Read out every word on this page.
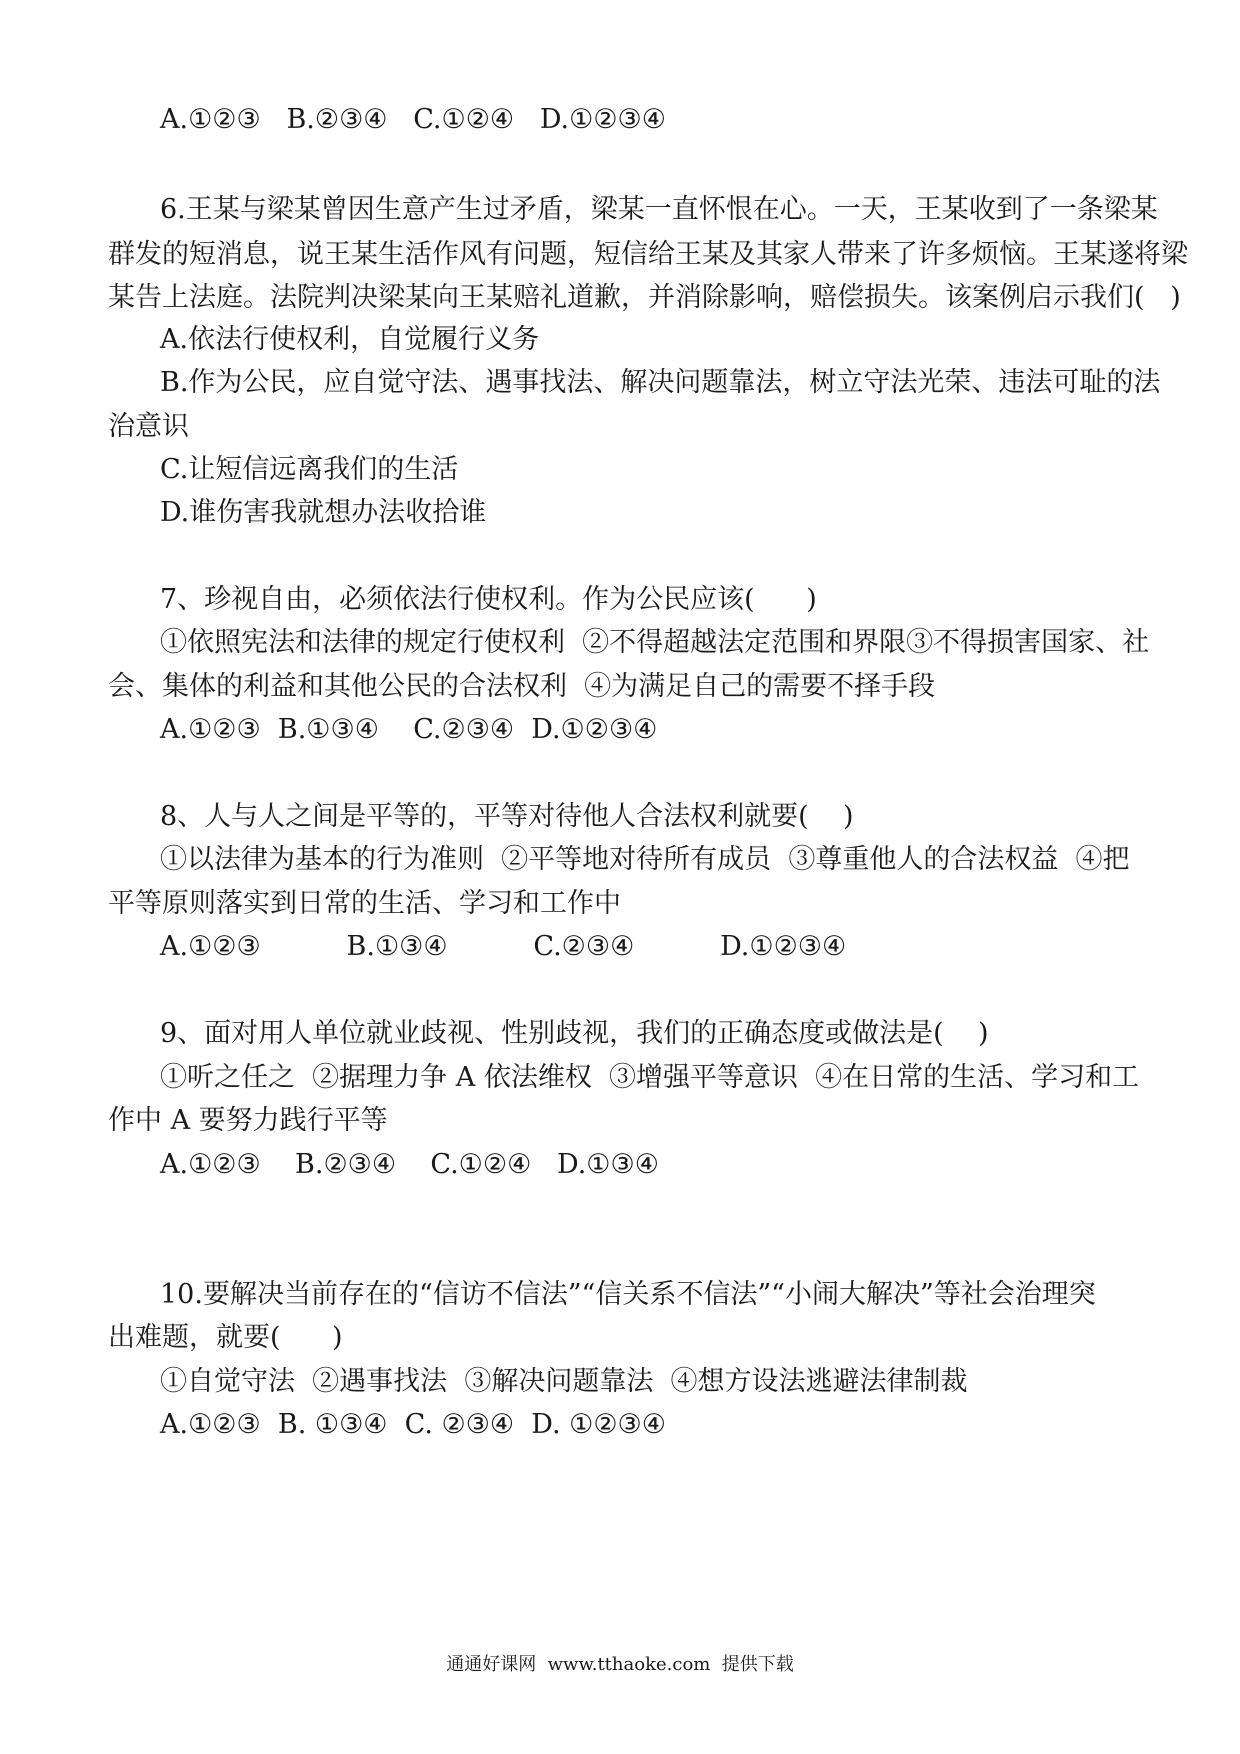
A.①②③   B.②③④   C.①②④   D.①②③④
6.王某与梁某曾因生意产生过矛盾，梁某一直怀恨在心。一天，王某收到了一条梁某
群发的短消息，说王某生活作风有问题，短信给王某及其家人带来了许多烦恼。王某遂将梁
某告上法庭。法院判决梁某向王某赔礼道歉，并消除影响，赔偿损失。该案例启示我们(   )
A.依法行使权利，自觉履行义务
B.作为公民，应自觉守法、遇事找法、解决问题靠法，树立守法光荣、违法可耻的法
治意识
C.让短信远离我们的生活
D.谁伤害我就想办法收拾谁
7、珍视自由，必须依法行使权利。作为公民应该(      )
①依照宪法和法律的规定行使权利  ②不得超越法定范围和界限③不得损害国家、社
会、集体的利益和其他公民的合法权利  ④为满足自己的需要不择手段
A.①②③  B.①③④    C.②③④  D.①②③④
8、人与人之间是平等的，平等对待他人合法权利就要(    )
①以法律为基本的行为准则  ②平等地对待所有成员  ③尊重他人的合法权益  ④把
平等原则落实到日常的生活、学习和工作中
A.①②③          B.①③④          C.②③④          D.①②③④
9、面对用人单位就业歧视、性别歧视，我们的正确态度或做法是(    )
①听之任之  ②据理力争 A 依法维权  ③增强平等意识  ④在日常的生活、学习和工
作中 A 要努力践行平等
A.①②③    B.②③④    C.①②④   D.①③④
10.要解决当前存在的“信访不信法”“信关系不信法”“小闹大解决”等社会治理突
出难题，就要(      )
①自觉守法  ②遇事找法  ③解决问题靠法  ④想方设法逃避法律制裁
A.①②③  B. ①③④  C. ②③④  D. ①②③④
通通好课网  www.tthaoke.com  提供下载
